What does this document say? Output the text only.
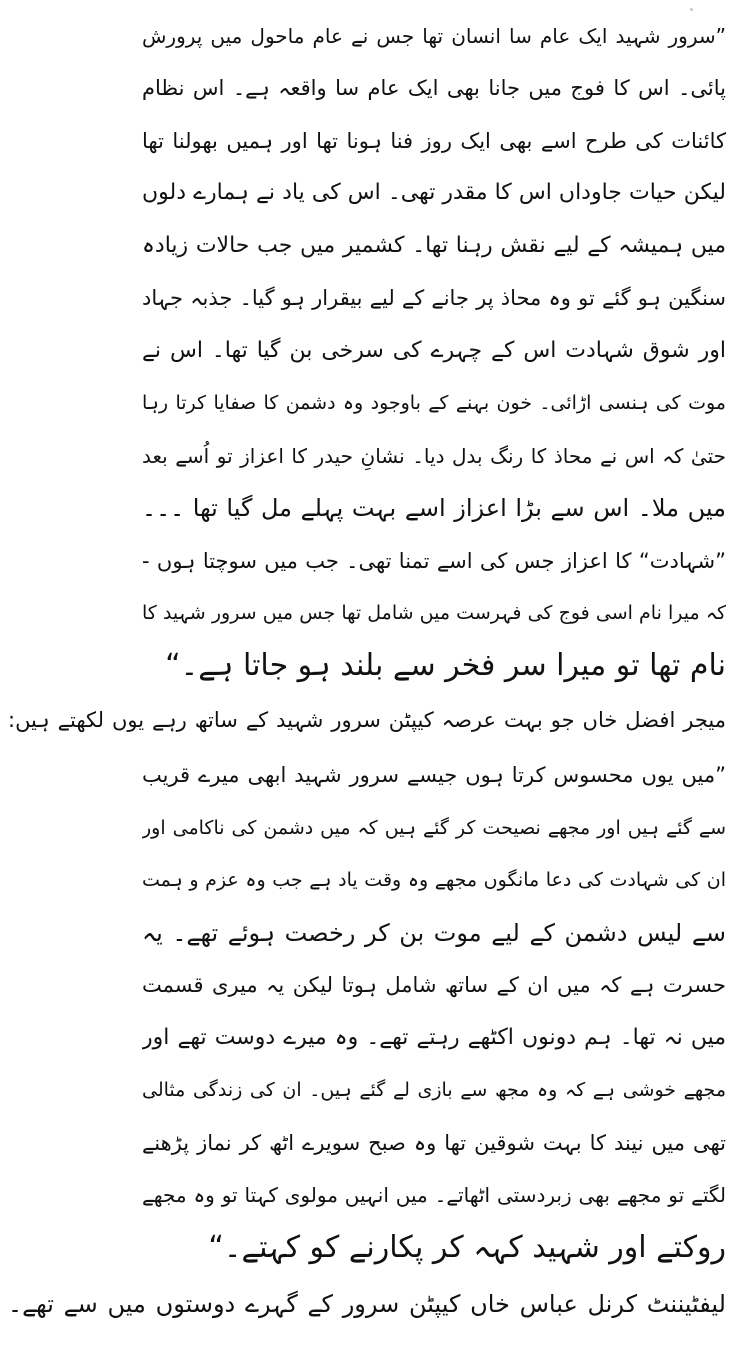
”سرور شہید ایک عام سا انسان تھا جس نے عام ماحول میں پرورش
پائی۔ اس کا فوج میں جانا بھی ایک عام سا واقعہ ہے۔ اس نظام
کائنات کی طرح اسے بھی ایک روز فنا ہونا تھا اور ہمیں بھولنا تھا
لیکن حیات جاوداں اس کا مقدر تھی۔ اس کی یاد نے ہمارے دلوں
میں ہمیشہ کے لیے نقش رہنا تھا۔ کشمیر میں جب حالات زیادہ
سنگین ہو گئے تو وہ محاذ پر جانے کے لیے بیقرار ہو گیا۔ جذبہ جہاد
اور شوق شہادت اس کے چہرے کی سرخی بن گیا تھا۔ اس نے
موت کی ہنسی اڑائی۔ خون بہنے کے باوجود وہ دشمن کا صفایا کرتا رہا
حتیٰ کہ اس نے محاذ کا رنگ بدل دیا۔ نشانِ حیدر کا اعزاز تو اُسے بعد
میں ملا۔ اس سے بڑا اعزاز اسے بہت پہلے مل گیا تھا ۔۔۔
”شہادت“ کا اعزاز جس کی اسے تمنا تھی۔ جب میں سوچتا ہوں -
کہ میرا نام اسی فوج کی فہرست میں شامل تھا جس میں سرور شہید کا
نام تھا تو میرا سر فخر سے بلند ہو جاتا ہے۔“
میجر افضل خاں جو بہت عرصہ کیپٹن سرور شہید کے ساتھ رہے یوں لکھتے ہیں:
”میں یوں محسوس کرتا ہوں جیسے سرور شہید ابھی میرے قریب
سے گئے ہیں اور مجھے نصیحت کر گئے ہیں کہ میں دشمن کی ناکامی اور
ان کی شہادت کی دعا مانگوں مجھے وہ وقت یاد ہے جب وہ عزم و ہمت
سے لیس دشمن کے لیے موت بن کر رخصت ہوئے تھے۔ یہ
حسرت ہے کہ میں ان کے ساتھ شامل ہوتا لیکن یہ میری قسمت
میں نہ تھا۔ ہم دونوں اکٹھے رہتے تھے۔ وہ میرے دوست تھے اور
مجھے خوشی ہے کہ وہ مجھ سے بازی لے گئے ہیں۔ ان کی زندگی مثالی
تھی میں نیند کا بہت شوقین تھا وہ صبح سویرے اٹھ کر نماز پڑھنے
لگتے تو مجھے بھی زبردستی اٹھاتے۔ میں انہیں مولوی کہتا تو وہ مجھے
روکتے اور شہید کہہ کر پکارنے کو کہتے۔“
لیفٹیننٹ کرنل عباس خاں کیپٹن سرور کے گہرے دوستوں میں سے تھے۔
